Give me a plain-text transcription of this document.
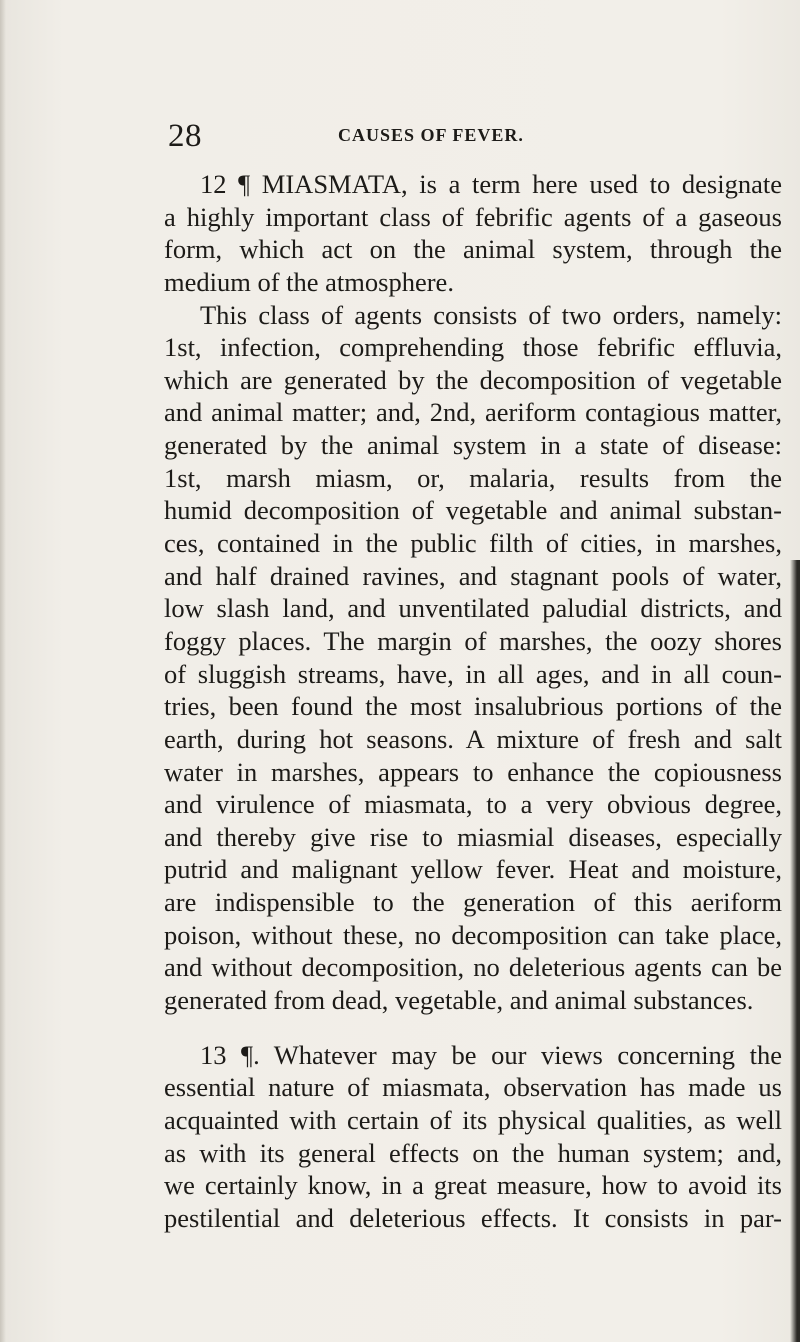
28	CAUSES OF FEVER.
12 ¶ MIASMATA, is a term here used to designate
a highly important class of febrific agents of a gaseous
form, which act on the animal system, through the
medium of the atmosphere.
This class of agents consists of two orders, namely:
1st, infection, comprehending those febrific effluvia,
which are generated by the decomposition of vegetable
and animal matter; and, 2nd, aeriform contagious matter,
generated by the animal system in a state of disease:
1st, marsh miasm, or, malaria, results from the
humid decomposition of vegetable and animal substan-
ces, contained in the public filth of cities, in marshes,
and half drained ravines, and stagnant pools of water,
low slash land, and unventilated paludial districts, and
foggy places. The margin of marshes, the oozy shores
of sluggish streams, have, in all ages, and in all coun-
tries, been found the most insalubrious portions of the
earth, during hot seasons. A mixture of fresh and salt
water in marshes, appears to enhance the copiousness
and virulence of miasmata, to a very obvious degree,
and thereby give rise to miasmial diseases, especially
putrid and malignant yellow fever. Heat and moisture,
are indispensible to the generation of this aeriform
poison, without these, no decomposition can take place,
and without decomposition, no deleterious agents can be
generated from dead, vegetable, and animal substances.
13 ¶. Whatever may be our views concerning the
essential nature of miasmata, observation has made us
acquainted with certain of its physical qualities, as well
as with its general effects on the human system; and,
we certainly know, in a great measure, how to avoid its
pestilential and deleterious effects. It consists in par-
